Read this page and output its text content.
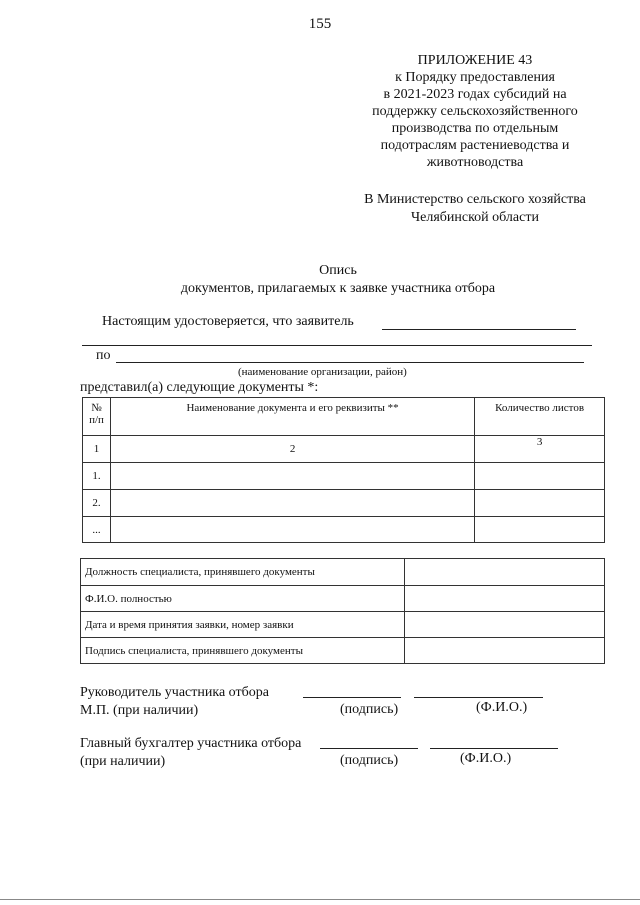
155
ПРИЛОЖЕНИЕ 43
к Порядку предоставления
в 2021-2023 годах субсидий на
поддержку сельскохозяйственного
производства по отдельным
подотраслям растениеводства и
животноводства
В Министерство сельского хозяйства
Челябинской области
Опись
документов, прилагаемых к заявке участника отбора
Настоящим удостоверяется, что заявитель
по
(наименование организации, район)
представил(а) следующие документы *:
№ п/п	Наименование документа и его реквизиты **	Количество листов
1	2	3
1.		
2.		
...		
Должность специалиста, принявшего документы	
Ф.И.О. полностью	
Дата и время принятия заявки, номер заявки	
Подпись специалиста, принявшего документы	
Руководитель участника отбора
М.П. (при наличии)	(подпись)	(Ф.И.О.)
Главный бухгалтер участника отбора
(при наличии)	(подпись)	(Ф.И.О.)
